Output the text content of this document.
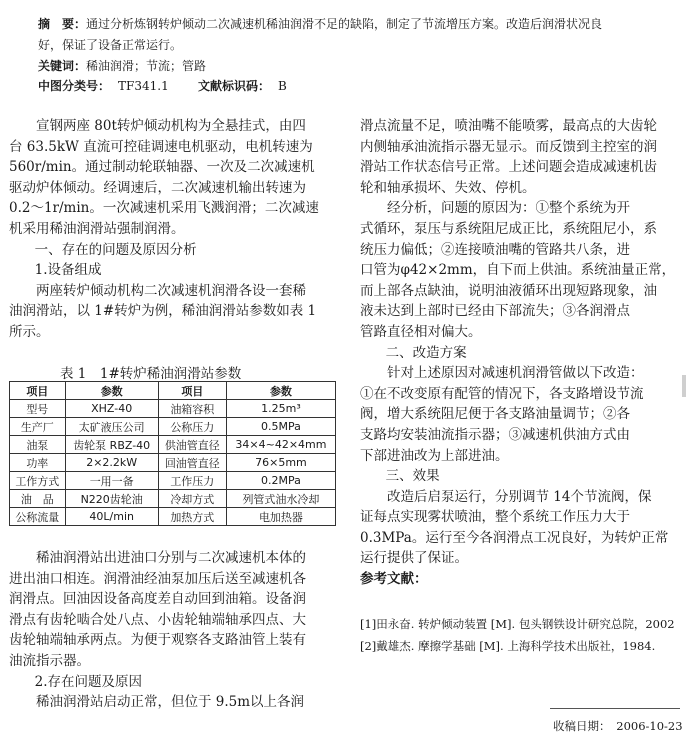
摘　要：通过分析炼钢转炉倾动二次减速机稀油润滑不足的缺陷，制定了节流增压方案。改造后润滑状况良
好，保证了设备正常运行。
关键词：稀油润滑；节流；管路
中图分类号： TF341.1 文献标识码： B

宣钢两座 80t转炉倾动机构为全悬挂式，由四

台 63.5kW 直流可控硅调速电机驱动，电机转速为

560r/min。通过制动轮联轴器、一次及二次减速机

驱动炉体倾动。经调速后，二次减速机输出转速为

0.2～1r/min。一次减速机采用飞溅润滑；二次减速

机采用稀油润滑站强制润滑。

一、存在的问题及原因分析

1.设备组成

两座转炉倾动机构二次减速机润滑各设一套稀

油润滑站，以 1#转炉为例，稀油润滑站参数如表 1

所示。

表 1　1#转炉稀油润滑站参数
项目	参数	项目	参数
型号	XHZ-40	油箱容积	1.25m³
生产厂	太矿液压公司	公称压力	0.5MPa
油泵	齿轮泵 RBZ-40	供油管直径	34×4~42×4mm
功率	2×2.2kW	回油管直径	76×5mm
工作方式	一用一备	工作压力	0.2MPa
油　品	N220齿轮油	冷却方式	列管式油水冷却
公称流量	40L/min	加热方式	电加热器

稀油润滑站出进油口分别与二次减速机本体的

进出油口相连。润滑油经油泵加压后送至减速机各

润滑点。回油因设备高度差自动回到油箱。设备润

滑点有齿轮啮合处八点、小齿轮轴端轴承四点、大

齿轮轴端轴承两点。为便于观察各支路油管上装有

油流指示器。

2.存在问题及原因

稀油润滑站启动正常，但位于 9.5m以上各润

滑点流量不足，喷油嘴不能喷雾，最高点的大齿轮

内侧轴承油流指示器无显示。而反馈到主控室的润

滑站工作状态信号正常。上述问题会造成减速机齿

轮和轴承损坏、失效、停机。

经分析，问题的原因为：①整个系统为开

式循环，泵压与系统阻尼成正比，系统阻尼小，系

统压力偏低；②连接喷油嘴的管路共八条，进

口管为φ42×2mm，自下而上供油。系统油量正常，

而上部各点缺油，说明油液循环出现短路现象，油

液未达到上部时已经由下部流失；③各润滑点

管路直径相对偏大。

二、改造方案

针对上述原因对减速机润滑管做以下改造：

①在不改变原有配管的情况下，各支路增设节流

阀，增大系统阻尼便于各支路油量调节；②各

支路均安装油流指示器；③减速机供油方式由

下部进油改为上部进油。

三、效果

改造后启泵运行，分别调节 14个节流阀，保

证每点实现雾状喷油，整个系统工作压力大于

0.3MPa。运行至今各润滑点工况良好，为转炉正常

运行提供了保证。

参考文献：

[1]田永奋. 转炉倾动装置 [M]. 包头钢铁设计研究总院，2002
[2]戴雄杰. 摩擦学基础 [M]. 上海科学技术出版社，1984.
收稿日期：　2006-10-23
